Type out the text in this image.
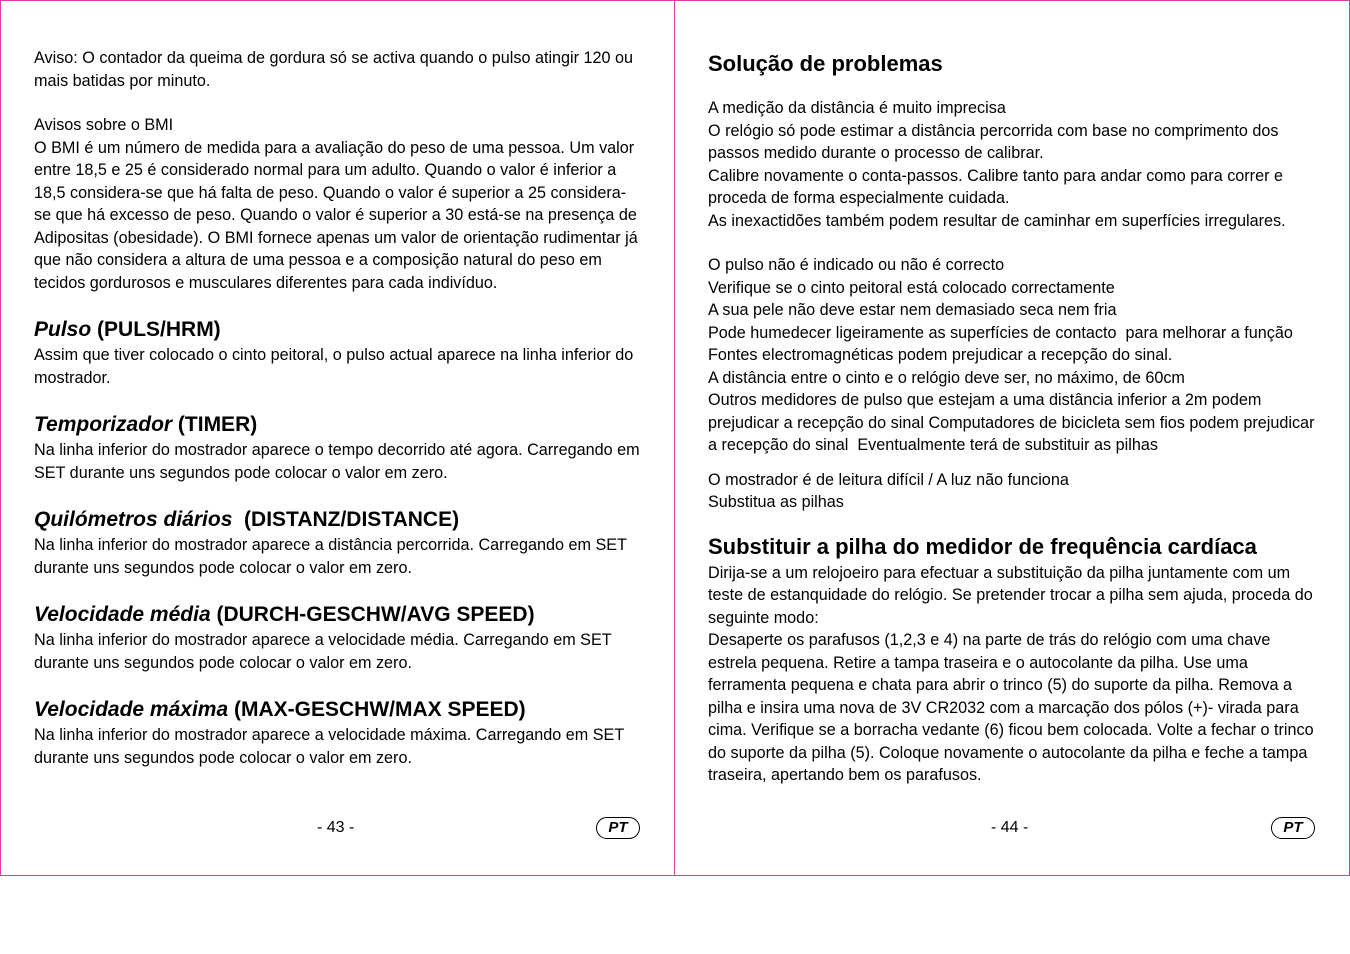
Aviso: O contador da queima de gordura só se activa quando o pulso atingir 120 ou mais batidas por minuto.

Avisos sobre o BMI

O BMI é um número de medida para a avaliação do peso de uma pessoa. Um valor entre 18,5 e 25 é considerado normal para um adulto. Quando o valor é inferior a 18,5 considera-se que há falta de peso. Quando o valor é superior a 25 considera-se que há excesso de peso. Quando o valor é superior a 30 está-se na presença de Adipositas (obesidade). O BMI fornece apenas um valor de orientação rudimentar já que não considera a altura de uma pessoa e a composição natural do peso em tecidos gordurosos e musculares diferentes para cada indivíduo.

Pulso (PULS/HRM)

Assim que tiver colocado o cinto peitoral, o pulso actual aparece na linha inferior do mostrador.

Temporizador (TIMER)

Na linha inferior do mostrador aparece o tempo decorrido até agora. Carregando em SET durante uns segundos pode colocar o valor em zero.

Quilómetros diários  (DISTANZ/DISTANCE)

Na linha inferior do mostrador aparece a distância percorrida. Carregando em SET durante uns segundos pode colocar o valor em zero.

Velocidade média (DURCH-GESCHW/AVG SPEED)

Na linha inferior do mostrador aparece a velocidade média. Carregando em SET durante uns segundos pode colocar o valor em zero.

Velocidade máxima (MAX-GESCHW/MAX SPEED)

Na linha inferior do mostrador aparece a velocidade máxima. Carregando em SET durante uns segundos pode colocar o valor em zero.

- 43 -	PT
Solução de problemas

A medição da distância é muito imprecisa

O relógio só pode estimar a distância percorrida com base no comprimento dos passos medido durante o processo de calibrar.

Calibre novamente o conta-passos. Calibre tanto para andar como para correr e proceda de forma especialmente cuidada.

As inexactidões também podem resultar de caminhar em superfícies irregulares.

O pulso não é indicado ou não é correcto

Verifique se o cinto peitoral está colocado correctamente

A sua pele não deve estar nem demasiado seca nem fria

Pode humedecer ligeiramente as superfícies de contacto  para melhorar a função

Fontes electromagnéticas podem prejudicar a recepção do sinal.

A distância entre o cinto e o relógio deve ser, no máximo, de 60cm

Outros medidores de pulso que estejam a uma distância inferior a 2m podem prejudicar a recepção do sinal Computadores de bicicleta sem fios podem prejudicar a recepção do sinal  Eventualmente terá de substituir as pilhas

O mostrador é de leitura difícil / A luz não funciona

Substitua as pilhas

Substituir a pilha do medidor de frequência cardíaca

Dirija-se a um relojoeiro para efectuar a substituição da pilha juntamente com um teste de estanquidade do relógio. Se pretender trocar a pilha sem ajuda, proceda do seguinte modo:

Desaperte os parafusos (1,2,3 e 4) na parte de trás do relógio com uma chave estrela pequena. Retire a tampa traseira e o autocolante da pilha. Use uma ferramenta pequena e chata para abrir o trinco (5) do suporte da pilha. Remova a pilha e insira uma nova de 3V CR2032 com a marcação dos pólos (+)- virada para cima. Verifique se a borracha vedante (6) ficou bem colocada. Volte a fechar o trinco do suporte da pilha (5). Coloque novamente o autocolante da pilha e feche a tampa traseira, apertando bem os parafusos.

- 44 -	PT
